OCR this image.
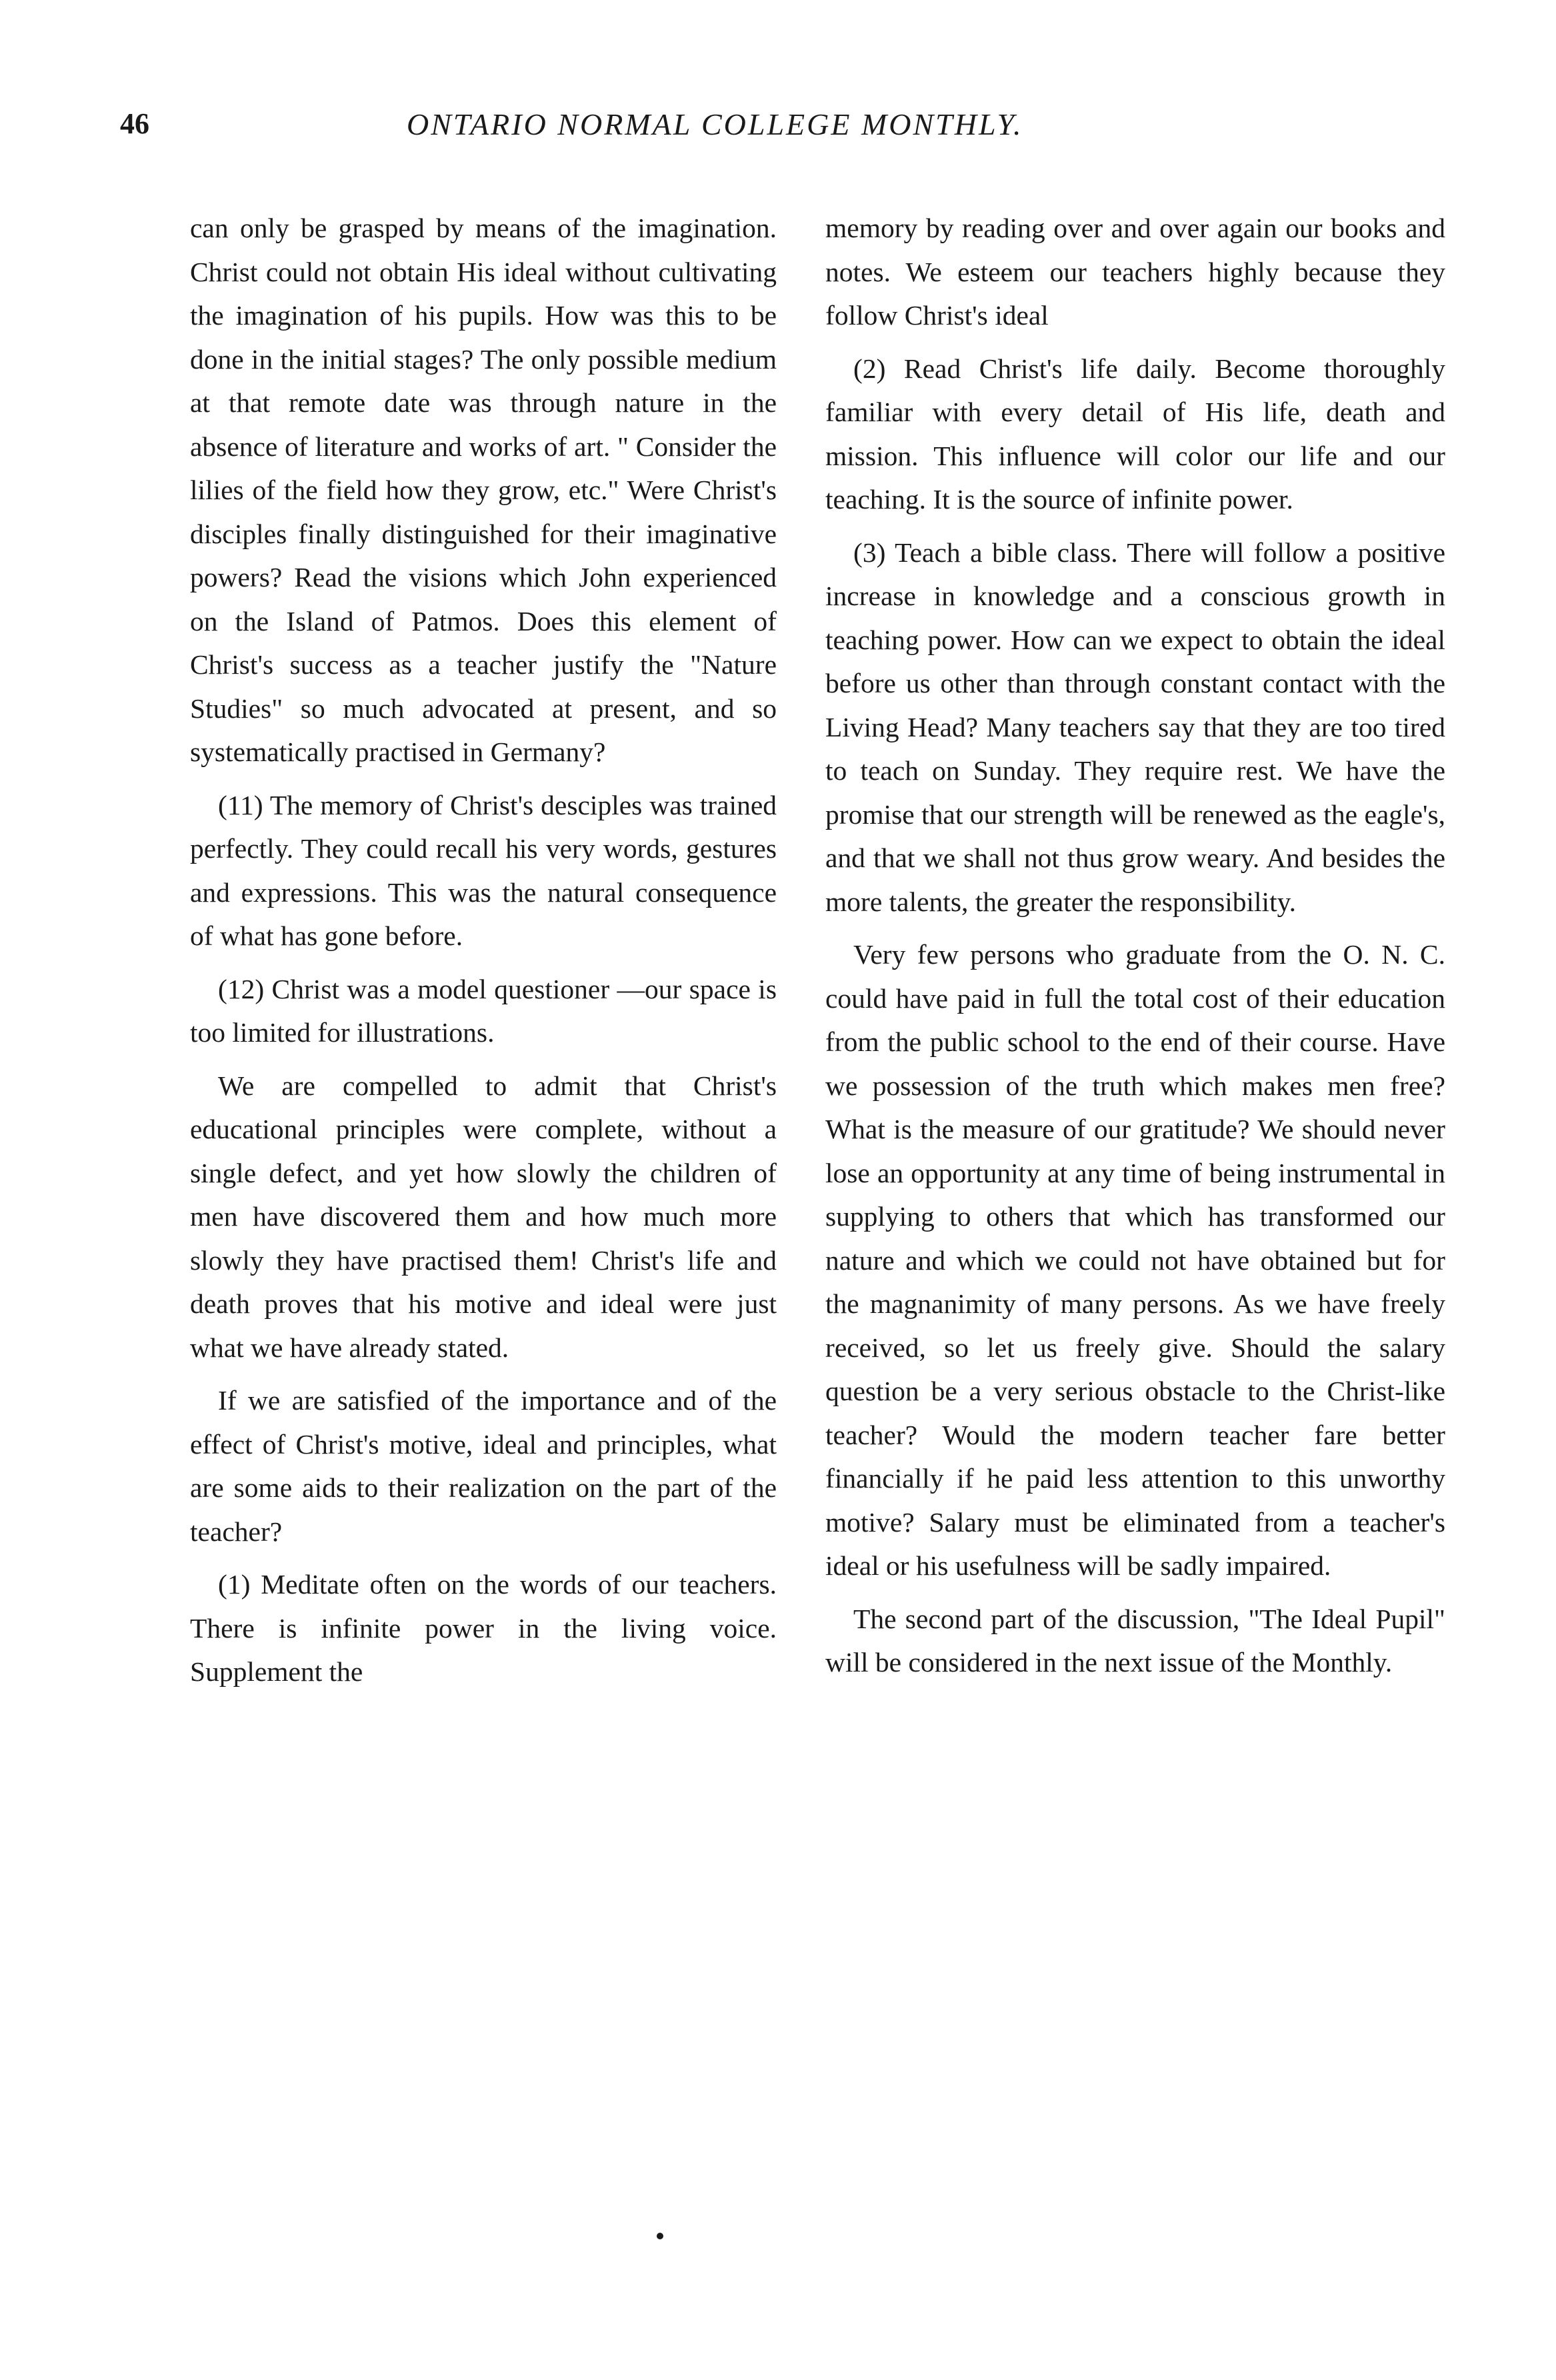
46	ONTARIO NORMAL COLLEGE MONTHLY.

can only be grasped by means of the imagination. Christ could not obtain His ideal without cultivating the imagination of his pupils. How was this to be done in the initial stages? The only possible medium at that remote date was through nature in the absence of literature and works of art. " Consider the lilies of the field how they grow, etc." Were Christ's disciples finally distinguished for their imaginative powers? Read the visions which John experienced on the Island of Patmos. Does this element of Christ's success as a teacher justify the "Nature Studies" so much advocated at present, and so systematically practised in Germany?

(11) The memory of Christ's desciples was trained perfectly. They could recall his very words, gestures and expressions. This was the natural consequence of what has gone before.

(12) Christ was a model questioner —our space is too limited for illustrations.

We are compelled to admit that Christ's educational principles were complete, without a single defect, and yet how slowly the children of men have discovered them and how much more slowly they have practised them! Christ's life and death proves that his motive and ideal were just what we have already stated.

If we are satisfied of the importance and of the effect of Christ's motive, ideal and principles, what are some aids to their realization on the part of the teacher?

(1) Meditate often on the words of our teachers. There is infinite power in the living voice. Supplement the

memory by reading over and over again our books and notes. We esteem our teachers highly because they follow Christ's ideal

(2) Read Christ's life daily. Become thoroughly familiar with every detail of His life, death and mission. This influence will color our life and our teaching. It is the source of infinite power.

(3) Teach a bible class. There will follow a positive increase in knowledge and a conscious growth in teaching power. How can we expect to obtain the ideal before us other than through constant contact with the Living Head? Many teachers say that they are too tired to teach on Sunday. They require rest. We have the promise that our strength will be renewed as the eagle's, and that we shall not thus grow weary. And besides the more talents, the greater the responsibility.

Very few persons who graduate from the O. N. C. could have paid in full the total cost of their education from the public school to the end of their course. Have we possession of the truth which makes men free? What is the measure of our gratitude? We should never lose an opportunity at any time of being instrumental in supplying to others that which has transformed our nature and which we could not have obtained but for the magnanimity of many persons. As we have freely received, so let us freely give. Should the salary question be a very serious obstacle to the Christ-like teacher? Would the modern teacher fare better financially if he paid less attention to this unworthy motive? Salary must be eliminated from a teacher's ideal or his usefulness will be sadly impaired.

The second part of the discussion, "The Ideal Pupil" will be considered in the next issue of the Monthly.
